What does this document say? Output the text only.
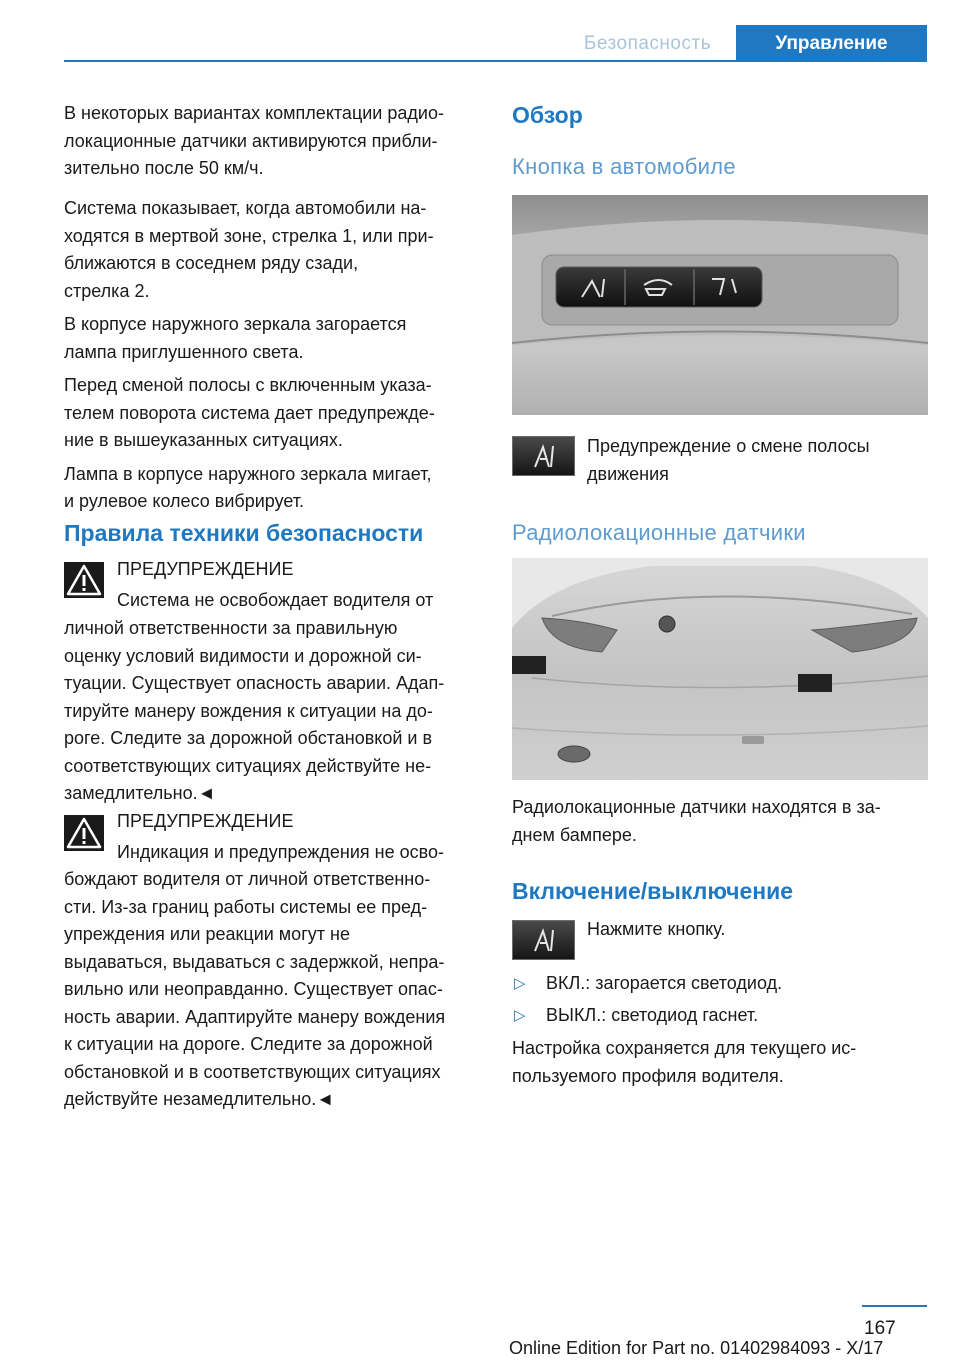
Безопасность	Управление

В некоторых вариантах комплектации радио-
локационные датчики активируются прибли-
зительно после 50 км/ч.

Система показывает, когда автомобили на-
ходятся в мертвой зоне, стрелка 1, или при-
ближаются в соседнем ряду сзади,
стрелка 2.

В корпусе наружного зеркала загорается
лампа приглушенного света.

Перед сменой полосы с включенным указа-
телем поворота система дает предупрежде-
ние в вышеуказанных ситуациях.

Лампа в корпусе наружного зеркала мигает,
и рулевое колесо вибрирует.

Правила техники безопасности

ПРЕДУПРЕЖДЕНИЕ

Система не освобождает водителя от

личной ответственности за правильную
оценку условий видимости и дорожной си-
туации. Существует опасность аварии. Адап-
тируйте манеру вождения к ситуации на до-
роге. Следите за дорожной обстановкой и в
соответствующих ситуациях действуйте не-
замедлительно.◄

ПРЕДУПРЕЖДЕНИЕ

Индикация и предупреждения не осво-

бождают водителя от личной ответственно-
сти. Из-за границ работы системы ее пред-
упреждения или реакции могут не
выдаваться, выдаваться с задержкой, непра-
вильно или неоправданно. Существует опас-
ность аварии. Адаптируйте манеру вождения
к ситуации на дороге. Следите за дорожной
обстановкой и в соответствующих ситуациях
действуйте незамедлительно.◄

Обзор

Кнопка в автомобиле

Предупреждение о смене полосы
движения

Радиолокационные датчики

Радиолокационные датчики находятся в за-
днем бампере.

Включение/выключение

Нажмите кнопку.

▷ ВКЛ.: загорается светодиод.

▷ ВЫКЛ.: светодиод гаснет.

Настройка сохраняется для текущего ис-
пользуемого профиля водителя.

167
Online Edition for Part no. 01402984093 - X/17
